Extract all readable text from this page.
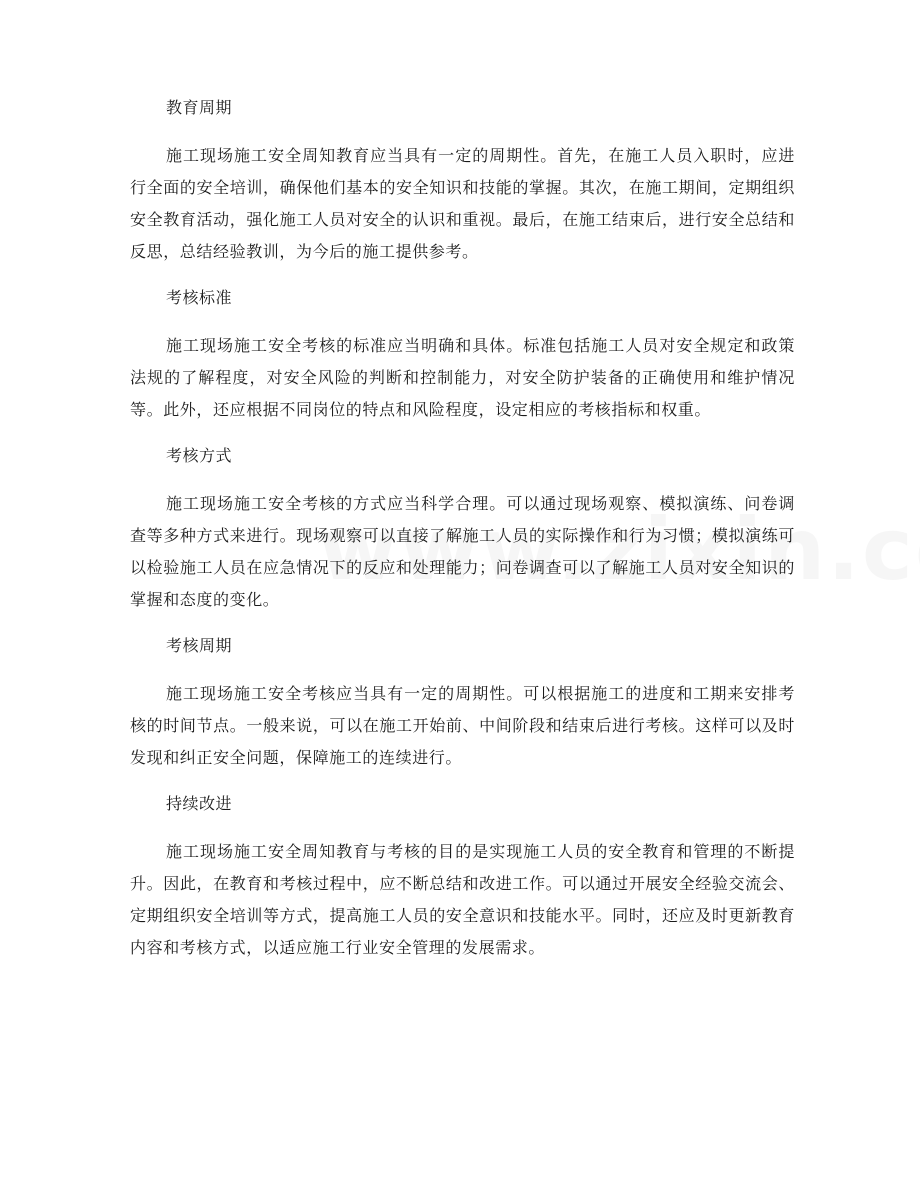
教育周期

施工现场施工安全周知教育应当具有一定的周期性。首先，在施工人员入职时，应进行全面的安全培训，确保他们基本的安全知识和技能的掌握。其次，在施工期间，定期组织安全教育活动，强化施工人员对安全的认识和重视。最后，在施工结束后，进行安全总结和反思，总结经验教训，为今后的施工提供参考。

考核标准

施工现场施工安全考核的标准应当明确和具体。标准包括施工人员对安全规定和政策法规的了解程度，对安全风险的判断和控制能力，对安全防护装备的正确使用和维护情况等。此外，还应根据不同岗位的特点和风险程度，设定相应的考核指标和权重。

考核方式

施工现场施工安全考核的方式应当科学合理。可以通过现场观察、模拟演练、问卷调查等多种方式来进行。现场观察可以直接了解施工人员的实际操作和行为习惯；模拟演练可以检验施工人员在应急情况下的反应和处理能力；问卷调查可以了解施工人员对安全知识的掌握和态度的变化。

考核周期

施工现场施工安全考核应当具有一定的周期性。可以根据施工的进度和工期来安排考核的时间节点。一般来说，可以在施工开始前、中间阶段和结束后进行考核。这样可以及时发现和纠正安全问题，保障施工的连续进行。

持续改进

施工现场施工安全周知教育与考核的目的是实现施工人员的安全教育和管理的不断提升。因此，在教育和考核过程中，应不断总结和改进工作。可以通过开展安全经验交流会、定期组织安全培训等方式，提高施工人员的安全意识和技能水平。同时，还应及时更新教育内容和考核方式，以适应施工行业安全管理的发展需求。
